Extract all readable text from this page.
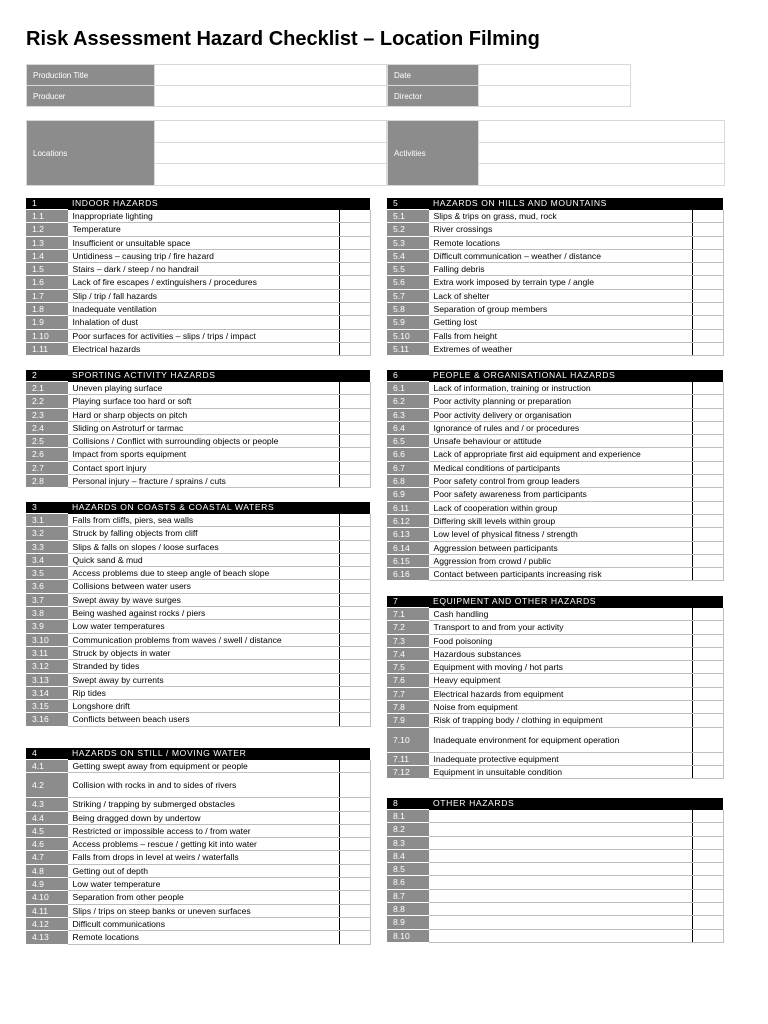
Risk Assessment Hazard Checklist – Location Filming
Production Title	
Producer	
Date	
Director	
Locations		Activities	

1	INDOOR HAZARDS	
1.1	Inappropriate lighting	
1.2	Temperature	
1.3	Insufficient or unsuitable space	
1.4	Untidiness – causing trip / fire hazard	
1.5	Stairs – dark / steep / no handrail	
1.6	Lack of fire escapes / extinguishers / procedures	
1.7	Slip / trip / fall hazards	
1.8	Inadequate ventilation	
1.9	Inhalation of dust	
1.10	Poor surfaces for activities – slips / trips / impact	
1.11	Electrical hazards	
2	SPORTING ACTIVITY HAZARDS	
2.1	Uneven playing surface	
2.2	Playing surface too hard or soft	
2.3	Hard or sharp objects on pitch	
2.4	Sliding on Astroturf or tarmac	
2.5	Collisions / Conflict with surrounding objects or people	
2.6	Impact from sports equipment	
2.7	Contact sport injury	
2.8	Personal injury – fracture / sprains / cuts	
3	HAZARDS ON COASTS & COASTAL WATERS	
3.1	Falls from cliffs, piers, sea walls	
3.2	Struck by falling objects from cliff	
3.3	Slips & falls on slopes / loose surfaces	
3.4	Quick sand & mud	
3.5	Access problems due to steep angle of beach slope	
3.6	Collisions between water users	
3.7	Swept away by wave surges	
3.8	Being washed against rocks / piers	
3.9	Low water temperatures	
3.10	Communication problems from waves / swell / distance	
3.11	Struck by objects in water	
3.12	Stranded by tides	
3.13	Swept away by currents	
3.14	Rip tides	
3.15	Longshore drift	
3.16	Conflicts between beach users	
4	HAZARDS ON STILL / MOVING WATER	
4.1	Getting swept away from equipment or people	
4.2	Collision with rocks in and to sides of rivers	
4.3	Striking / trapping by submerged obstacles	
4.4	Being dragged down by undertow	
4.5	Restricted or impossible access to / from water	
4.6	Access problems – rescue / getting kit into water	
4.7	Falls from drops in level at weirs / waterfalls	
4.8	Getting out of depth	
4.9	Low water temperature	
4.10	Separation from other people	
4.11	Slips / trips on steep banks or uneven surfaces	
4.12	Difficult communications	
4.13	Remote locations	
5	HAZARDS ON HILLS AND MOUNTAINS	
5.1	Slips & trips on grass, mud, rock	
5.2	River crossings	
5.3	Remote locations	
5.4	Difficult communication – weather / distance	
5.5	Falling debris	
5.6	Extra work imposed by terrain type / angle	
5.7	Lack of shelter	
5.8	Separation of group members	
5.9	Getting lost	
5.10	Falls from height	
5.11	Extremes of weather	
6	PEOPLE & ORGANISATIONAL HAZARDS	
6.1	Lack of information, training or instruction	
6.2	Poor activity planning or preparation	
6.3	Poor activity delivery or organisation	
6.4	Ignorance of rules and / or procedures	
6.5	Unsafe behaviour or attitude	
6.6	Lack of appropriate first aid equipment and experience	
6.7	Medical conditions of participants	
6.8	Poor safety control from group leaders	
6.9	Poor safety awareness from participants	
6.11	Lack of cooperation within group	
6.12	Differing skill levels within group	
6.13	Low level of physical fitness / strength	
6.14	Aggression between participants	
6.15	Aggression from crowd / public	
6.16	Contact between participants increasing risk	
7	EQUIPMENT AND OTHER HAZARDS	
7.1	Cash handling	
7.2	Transport to and from your activity	
7.3	Food poisoning	
7.4	Hazardous substances	
7.5	Equipment with moving / hot parts	
7.6	Heavy equipment	
7.7	Electrical hazards from equipment	
7.8	Noise from equipment	
7.9	Risk of trapping body / clothing in equipment	
7.10	Inadequate environment for equipment operation	
7.11	Inadequate protective equipment	
7.12	Equipment in unsuitable condition	
8	OTHER HAZARDS	
8.1		
8.2		
8.3		
8.4		
8.5		
8.6		
8.7		
8.8		
8.9		
8.10		
